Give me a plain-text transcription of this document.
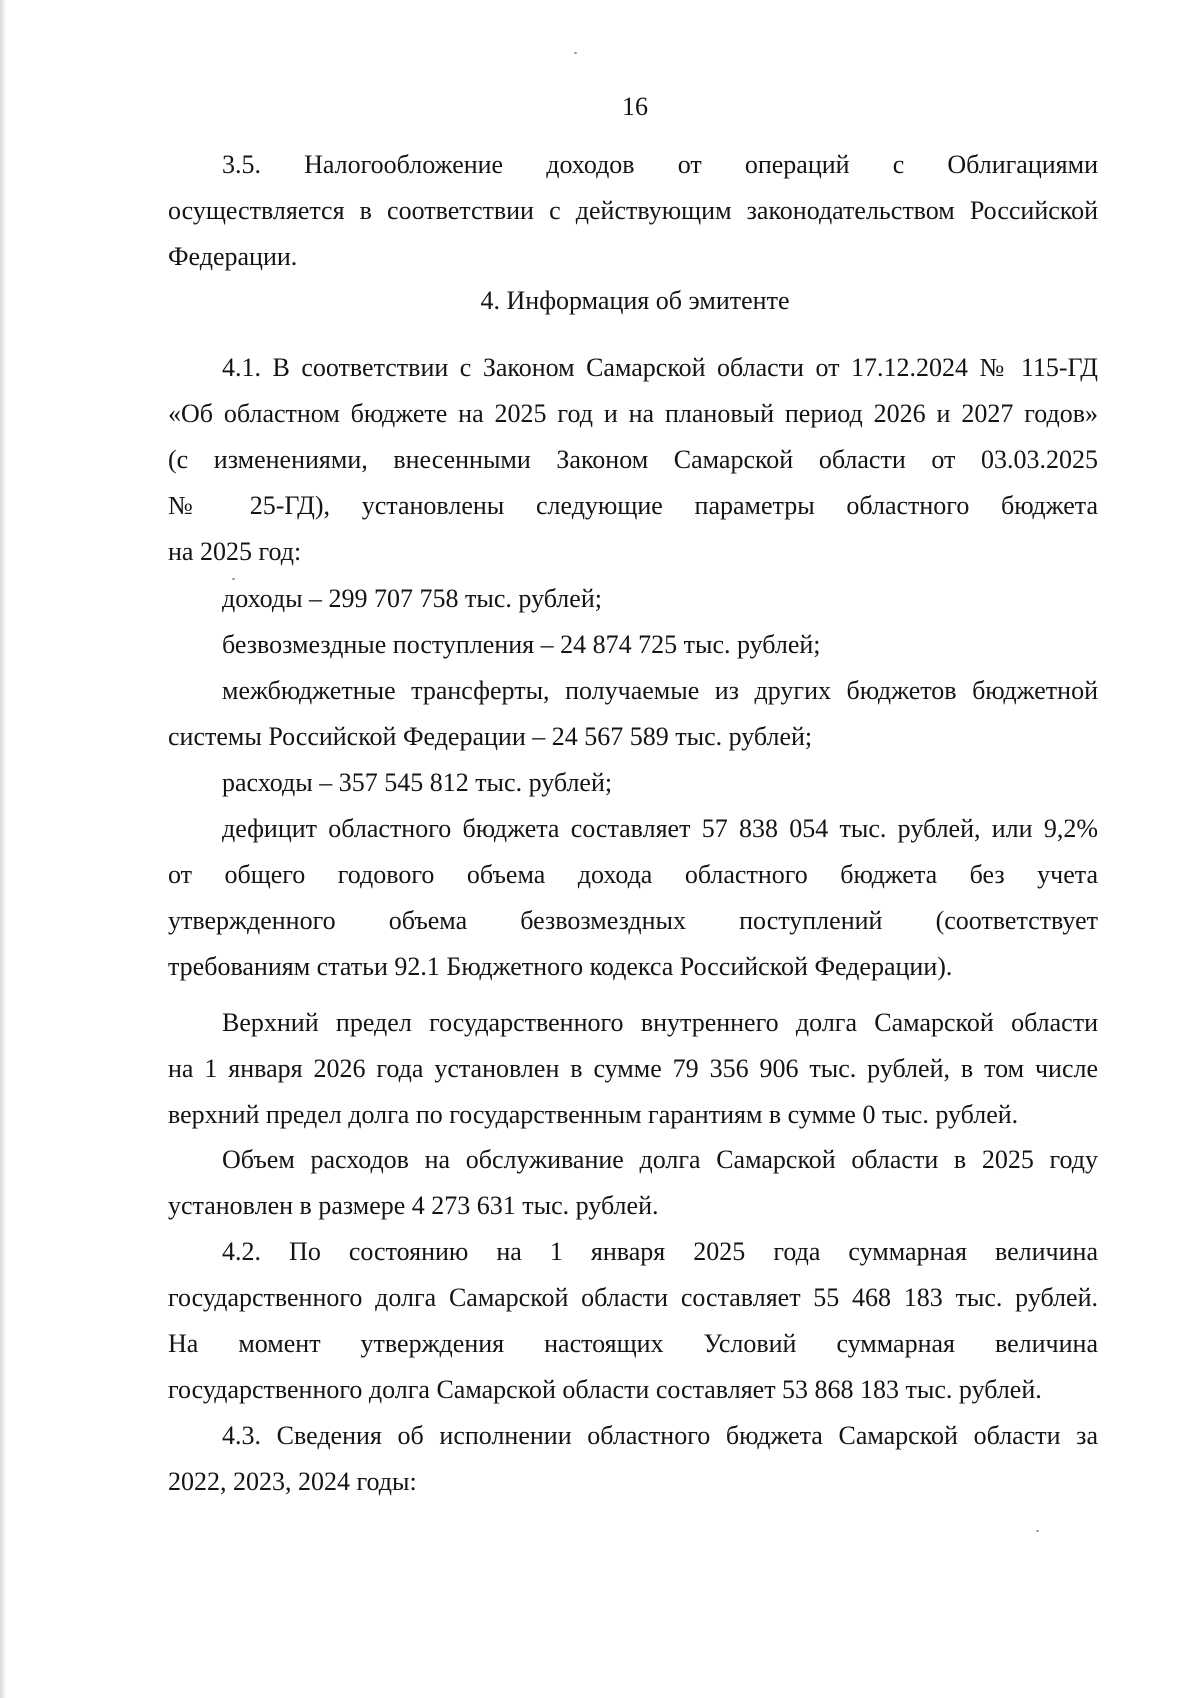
16
3.5. Налогообложение доходов от операций с Облигациями
осуществляется в соответствии с действующим законодательством Российской
Федерации.
4. Информация об эмитенте
4.1. В соответствии с Законом Самарской области от 17.12.2024 № 115-ГД
«Об областном бюджете на 2025 год и на плановый период 2026 и 2027 годов»
(с изменениями, внесенными Законом Самарской области от 03.03.2025
№ 25-ГД), установлены следующие параметры областного бюджета
на 2025 год:
доходы – 299 707 758 тыс. рублей;
безвозмездные поступления – 24 874 725 тыс. рублей;
межбюджетные трансферты, получаемые из других бюджетов бюджетной
системы Российской Федерации – 24 567 589 тыс. рублей;
расходы – 357 545 812 тыс. рублей;
дефицит областного бюджета составляет 57 838 054 тыс. рублей, или 9,2%
от общего годового объема дохода областного бюджета без учета
утвержденного объема безвозмездных поступлений (соответствует
требованиям статьи 92.1 Бюджетного кодекса Российской Федерации).
Верхний предел государственного внутреннего долга Самарской области
на 1 января 2026 года установлен в сумме 79 356 906 тыс. рублей, в том числе
верхний предел долга по государственным гарантиям в сумме 0 тыс. рублей.
Объем расходов на обслуживание долга Самарской области в 2025 году
установлен в размере 4 273 631 тыс. рублей.
4.2. По состоянию на 1 января 2025 года суммарная величина
государственного долга Самарской области составляет 55 468 183 тыс. рублей.
На момент утверждения настоящих Условий суммарная величина
государственного долга Самарской области составляет 53 868 183 тыс. рублей.
4.3. Сведения об исполнении областного бюджета Самарской области за
2022, 2023, 2024 годы:
